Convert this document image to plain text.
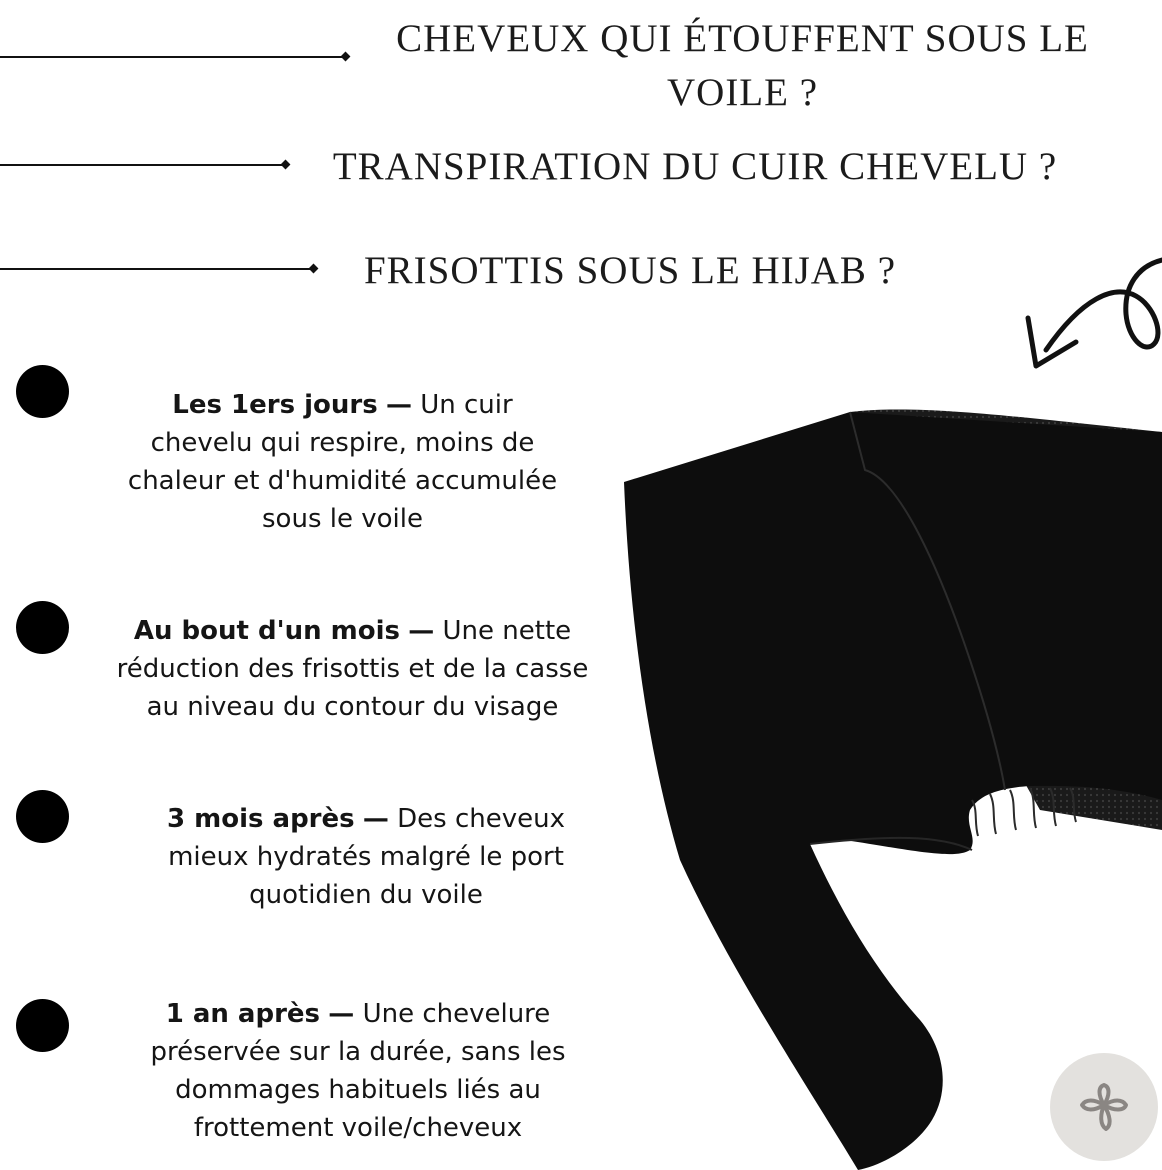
CHEVEUX QUI ÉTOUFFENT SOUS LE VOILE ?
TRANSPIRATION DU CUIR CHEVELU ?
FRISOTTIS SOUS LE HIJAB ?

Les 1ers jours — Un cuir chevelu qui respire, moins de chaleur et d'humidité accumulée sous le voile

Au bout d'un mois — Une nette réduction des frisottis et de la casse au niveau du contour du visage

3 mois après — Des cheveux mieux hydratés malgré le port quotidien du voile

1 an après — Une chevelure préservée sur la durée, sans les dommages habituels liés au frottement voile/cheveux
